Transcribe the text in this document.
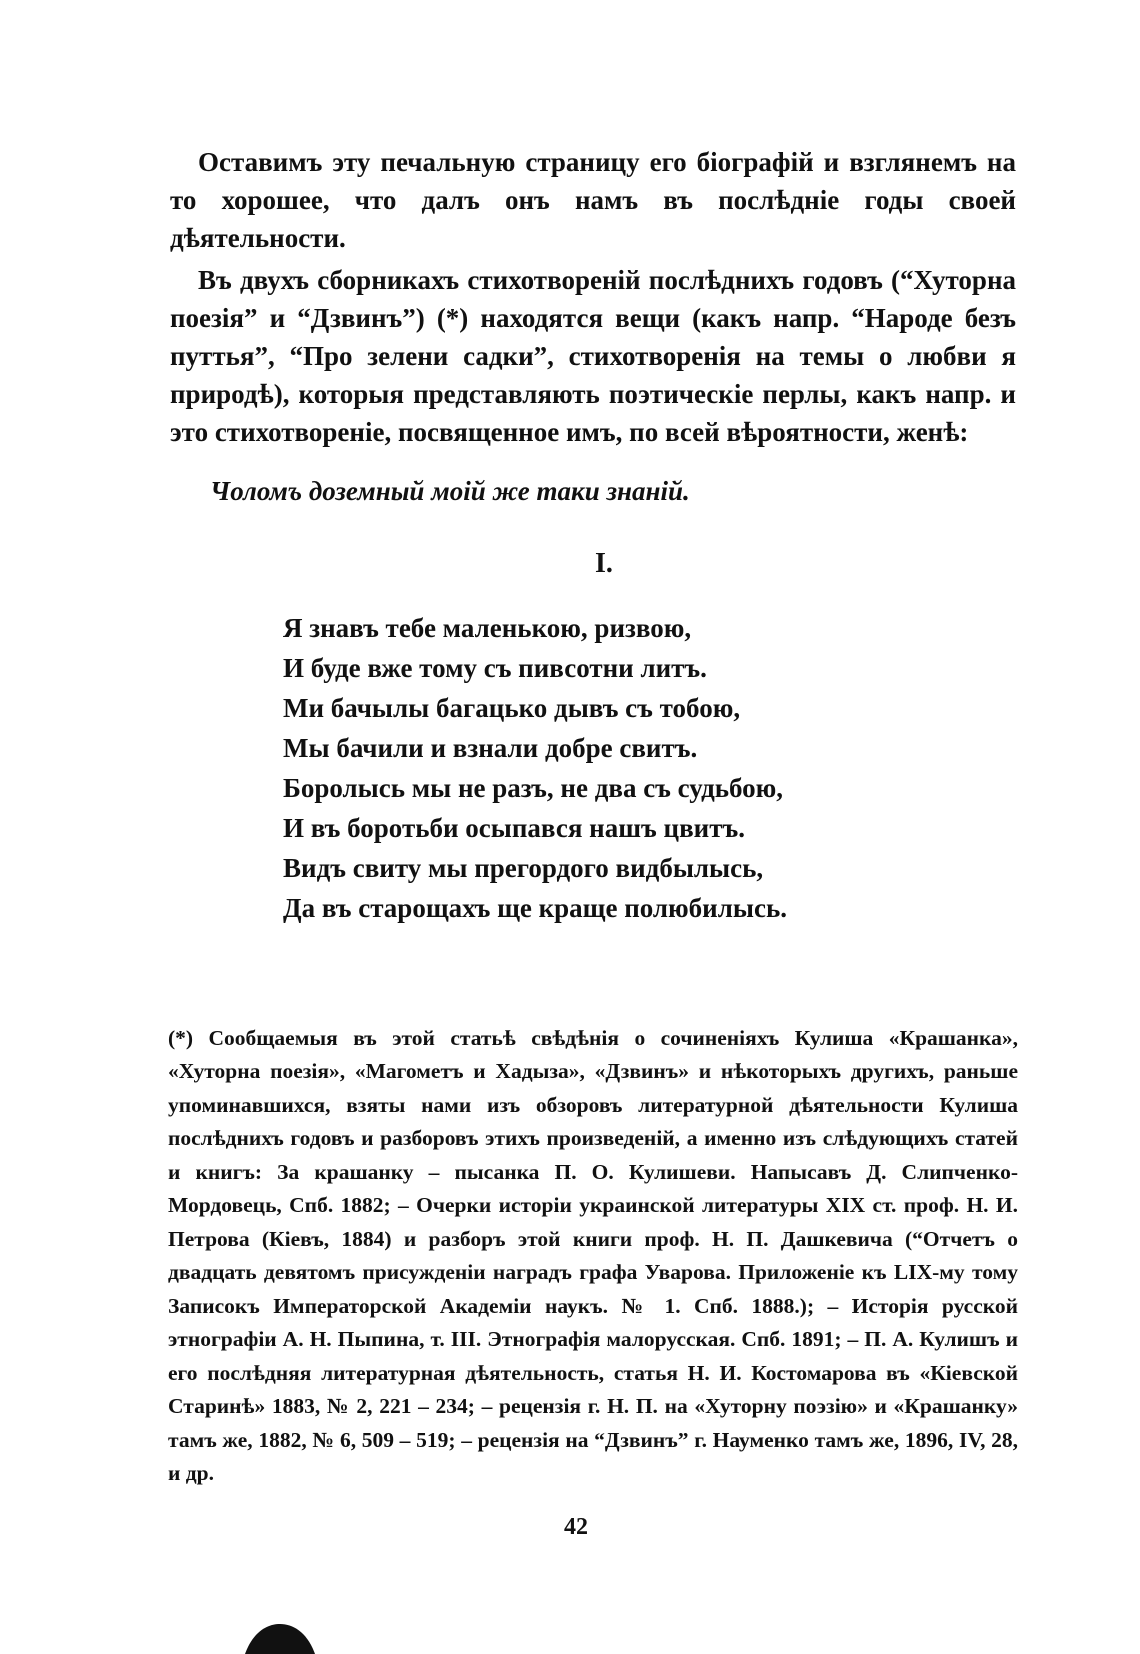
Оставимъ эту печальную страницу его біографій и взглянемъ на то хорошее, что далъ онъ намъ въ послѣдніе годы своей дѣятельности.

Въ двухъ сборникахъ стихотвореній послѣднихъ годовъ (“Хуторна поезія” и “Дзвинъ”) (*) находятся вещи (какъ напр. “Народе безъ путтья”, “Про зелени садки”, стихотворенія на темы о любви я природѣ), которыя представляють поэтическіе перлы, какъ напр. и это стихотвореніе, посвященное имъ, по всей вѣроятности, женѣ:

Чоломъ доземный моій же таки знаній.
I.
Я знавъ тебе маленькою, ризвою,
И буде вже тому съ пивсотни литъ.
Ми бачылы багацько дывъ съ тобою,
Мы бачили и взнали добре свитъ.
Боролысь мы не разъ, не два съ судьбою,
И въ боротьби осыпався нашъ цвитъ.
Видъ свиту мы прегордого видбылысь,
Да въ старощахъ ще краще полюбилысь.

(*) Сообщаемыя въ этой статьѣ свѣдѣнія о сочиненіяхъ Кулиша «Крашанка», «Хуторна поезія», «Магометъ и Хадыза», «Дзвинъ» и нѣкоторыхъ другихъ, раньше упоминавшихся, взяты нами изъ обзоровъ литературной дѣятельности Кулиша послѣднихъ годовъ и разборовъ этихъ произведеній, а именно изъ слѣдующихъ статей и книгъ: За крашанку – пысанка П. О. Кулишеви. Напысавъ Д. Слипченко-Мордовець, Спб. 1882; – Очерки исторіи украинской литературы XIX ст. проф. Н. И. Петрова (Кіевъ, 1884) и разборъ этой книги проф. Н. П. Дашкевича (“Отчетъ о двадцать девятомъ присужденіи наградъ графа Уварова. Приложеніе къ LIX-му тому Записокъ Императорской Академіи наукъ. № 1. Спб. 1888.); – Исторія русской этнографіи А. Н. Пыпина, т. III. Этнографія малорусская. Спб. 1891; – П. А. Кулишъ и его послѣдняя литературная дѣятельность, статья Н. И. Костомарова въ «Кіевской Старинѣ» 1883, № 2, 221 – 234; – рецензія г. Н. П. на «Хуторну поэзію» и «Крашанку» тамъ же, 1882, № 6, 509 – 519; – рецензія на “Дзвинъ” г. Науменко тамъ же, 1896, IV, 28, и др.

42
